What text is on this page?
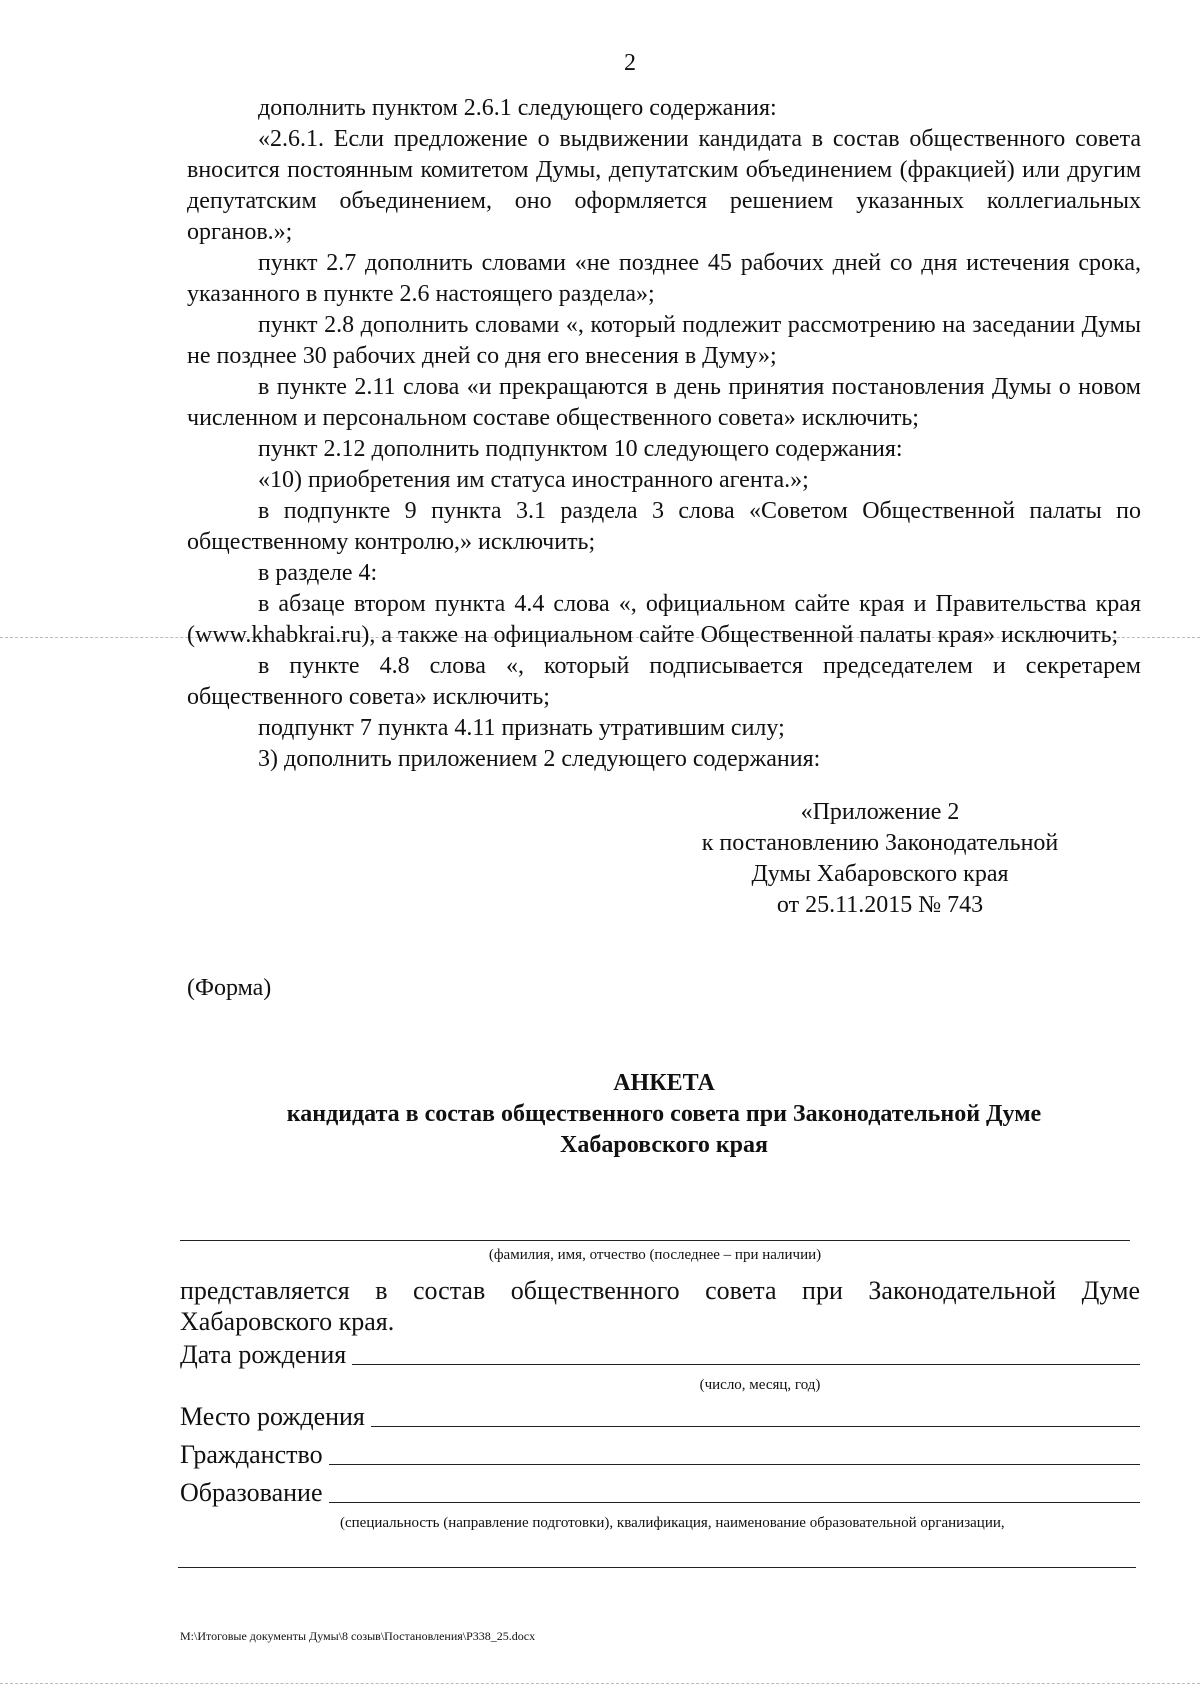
2

дополнить пунктом 2.6.1 следующего содержания:

«2.6.1. Если предложение о выдвижении кандидата в состав общественного совета вносится постоянным комитетом Думы, депутатским объединением (фракцией) или другим депутатским объединением, оно оформляется решением указанных коллегиальных органов.»;

пункт 2.7 дополнить словами «не позднее 45 рабочих дней со дня истечения срока, указанного в пункте 2.6 настоящего раздела»;

пункт 2.8 дополнить словами «, который подлежит рассмотрению на заседании Думы не позднее 30 рабочих дней со дня его внесения в Думу»;

в пункте 2.11 слова «и прекращаются в день принятия постановления Думы о новом численном и персональном составе общественного совета» исключить;

пункт 2.12 дополнить подпунктом 10 следующего содержания:

«10) приобретения им статуса иностранного агента.»;

в подпункте 9 пункта 3.1 раздела 3 слова «Советом Общественной палаты по общественному контролю,» исключить;

в разделе 4:

в абзаце втором пункта 4.4 слова «, официальном сайте края и Правительства края (www.khabkrai.ru), а также на официальном сайте Общественной палаты края» исключить;

в пункте 4.8 слова «, который подписывается председателем и секретарем общественного совета» исключить;

подпункт 7 пункта 4.11 признать утратившим силу;

3) дополнить приложением 2 следующего содержания:

«Приложение 2
к постановлению Законодательной
Думы Хабаровского края
от 25.11.2015 № 743
(Форма)
АНКЕТА
кандидата в состав общественного совета при Законодательной Думе
Хабаровского края
(фамилия, имя, отчество (последнее – при наличии)
представляется в состав общественного совета при Законодательной Думе Хабаровского края.
Дата рождения
(число, месяц, год)
Место рождения
Гражданство
Образование
(специальность (направление подготовки), квалификация, наименование образовательной организации,
M:\Итоговые документы Думы\8 созыв\Постановления\P338_25.docx
